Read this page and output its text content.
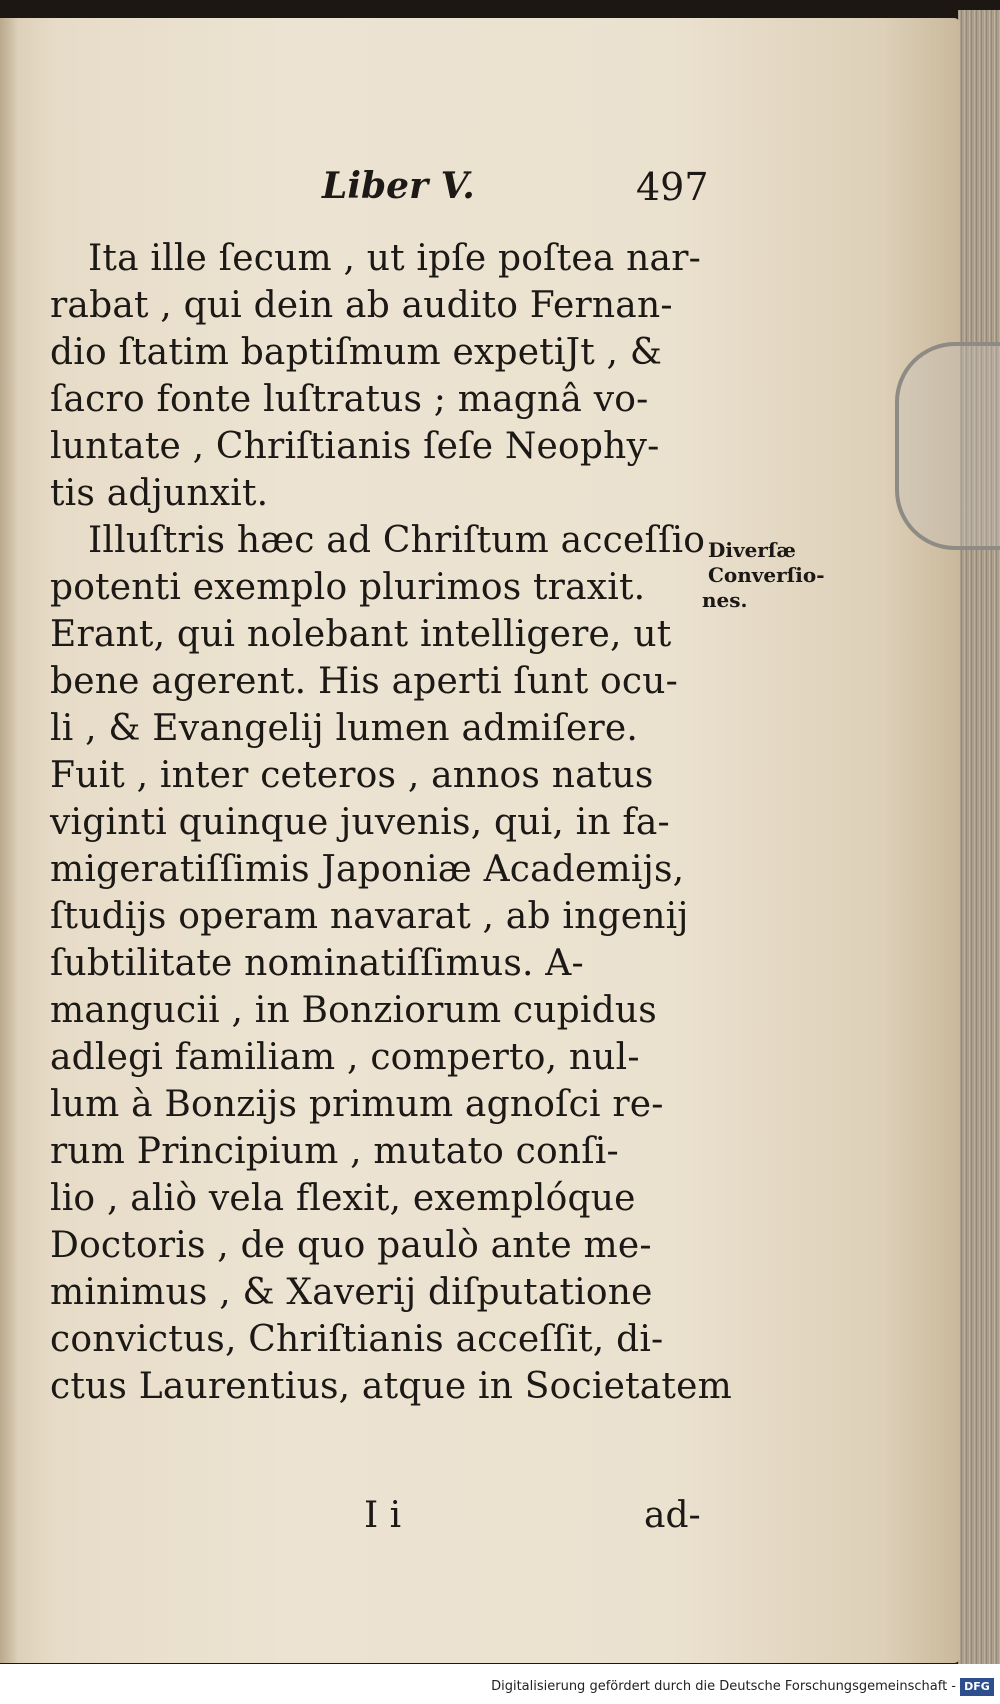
Liber V.	497
Ita ille ſecum , ut ipſe poſtea nar-
rabat , qui dein ab audito Fernan-
dio ſtatim baptiſmum expetiJt , &
ſacro fonte luſtratus ; magnâ vo-
luntate , Chriſtianis ſeſe Neophy-
tis adjunxit.
Illuſtris hæc ad Chriſtum acceſſio
potenti exemplo plurimos traxit.
Erant, qui nolebant intelligere, ut
bene agerent. His aperti ſunt ocu-
li , & Evangelij lumen admiſere.
Fuit , inter ceteros , annos natus
viginti quinque juvenis, qui, in fa-
migeratiſſimis Japoniæ Academijs,
ſtudijs operam navarat , ab ingenij
ſubtilitate nominatiſſimus. A-
mangucii , in Bonziorum cupidus
adlegi familiam , comperto, nul-
lum à Bonzijs primum agnoſci re-
rum Principium , mutato conſi-
lio , aliò vela flexit, exemplóque
Doctoris , de quo paulò ante me-
minimus , & Xaverij diſputatione
convictus, Chriſtianis acceſſit, di-
ctus Laurentius, atque in Societatem
Diverſæ
Converſio-
nes.
I i	ad-
Digitalisierung gefördert durch die Deutsche Forschungsgemeinschaft - DFG
